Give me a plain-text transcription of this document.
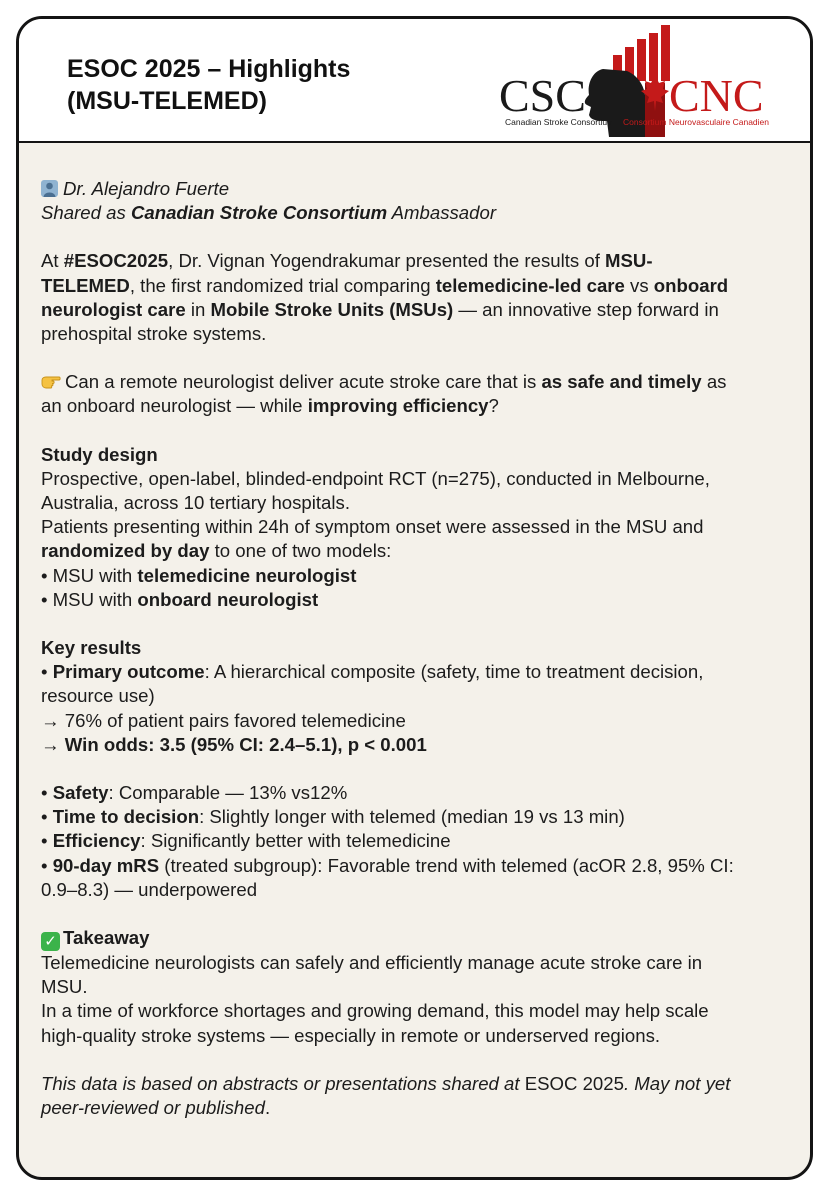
ESOC 2025 – Highlights
(MSU-TELEMED)	CSC
Canadian Stroke Consortium
CNC
Consortium Neurovasculaire Canadien

Dr. Alejandro Fuerte

Shared as Canadian Stroke Consortium Ambassador

At #ESOC2025, Dr. Vignan Yogendrakumar presented the results of MSU-

TELEMED, the first randomized trial comparing telemedicine-led care vs onboard

neurologist care in Mobile Stroke Units (MSUs) — an innovative step forward in

prehospital stroke systems.

Can a remote neurologist deliver acute stroke care that is as safe and timely as

an onboard neurologist — while improving efficiency?

Study design

Prospective, open-label, blinded-endpoint RCT (n=275), conducted in Melbourne,

Australia, across 10 tertiary hospitals.

Patients presenting within 24h of symptom onset were assessed in the MSU and

randomized by day to one of two models:

• MSU with telemedicine neurologist

• MSU with onboard neurologist

Key results

• Primary outcome: A hierarchical composite (safety, time to treatment decision,

resource use)

→ 76% of patient pairs favored telemedicine

→ Win odds: 3.5 (95% CI: 2.4–5.1), p < 0.001

• Safety: Comparable — 13% vs12%

• Time to decision: Slightly longer with telemed (median 19 vs 13 min)

• Efficiency: Significantly better with telemedicine

• 90-day mRS (treated subgroup): Favorable trend with telemed (acOR 2.8, 95% CI:

0.9–8.3) — underpowered

✓ Takeaway

Telemedicine neurologists can safely and efficiently manage acute stroke care in

MSU.

In a time of workforce shortages and growing demand, this model may help scale

high-quality stroke systems — especially in remote or underserved regions.

This data is based on abstracts or presentations shared at ESOC 2025. May not yet

peer-reviewed or published.
